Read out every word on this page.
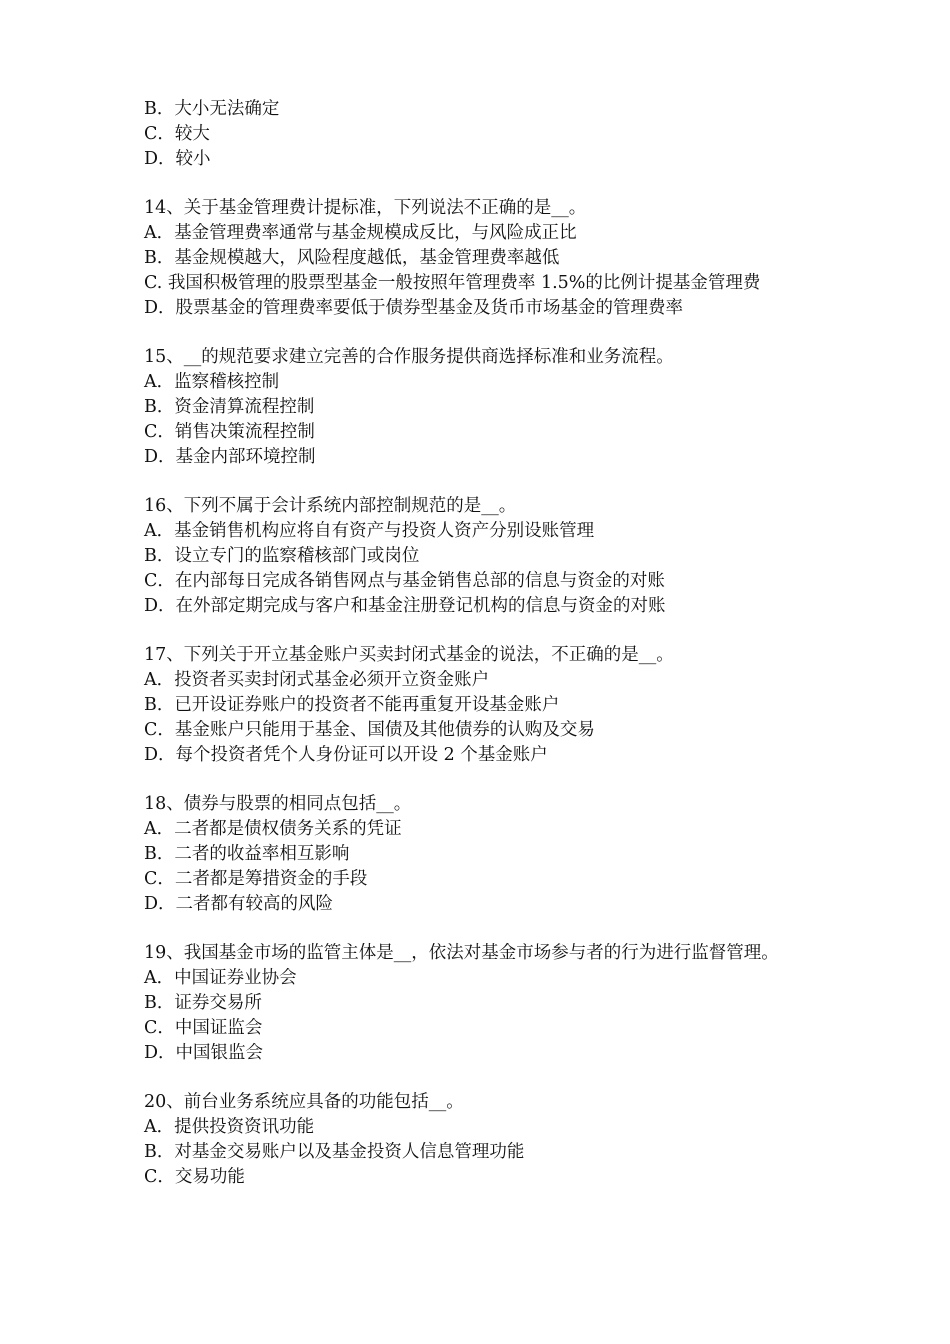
B．大小无法确定
C．较大
D．较小
14、关于基金管理费计提标准，下列说法不正确的是__。
A．基金管理费率通常与基金规模成反比，与风险成正比
B．基金规模越大，风险程度越低，基金管理费率越低
C. 我国积极管理的股票型基金一般按照年管理费率 1.5%的比例计提基金管理费
D．股票基金的管理费率要低于债券型基金及货币市场基金的管理费率
15、__的规范要求建立完善的合作服务提供商选择标准和业务流程。
A．监察稽核控制
B．资金清算流程控制
C．销售决策流程控制
D．基金内部环境控制
16、下列不属于会计系统内部控制规范的是__。
A．基金销售机构应将自有资产与投资人资产分别设账管理
B．设立专门的监察稽核部门或岗位
C．在内部每日完成各销售网点与基金销售总部的信息与资金的对账
D．在外部定期完成与客户和基金注册登记机构的信息与资金的对账
17、下列关于开立基金账户买卖封闭式基金的说法，不正确的是__。
A．投资者买卖封闭式基金必须开立资金账户
B．已开设证券账户的投资者不能再重复开设基金账户
C．基金账户只能用于基金、国债及其他债券的认购及交易
D．每个投资者凭个人身份证可以开设 2 个基金账户
18、债券与股票的相同点包括__。
A．二者都是债权债务关系的凭证
B．二者的收益率相互影响
C．二者都是筹措资金的手段
D．二者都有较高的风险
19、我国基金市场的监管主体是__，依法对基金市场参与者的行为进行监督管理。
A．中国证券业协会
B．证券交易所
C．中国证监会
D．中国银监会
20、前台业务系统应具备的功能包括__。
A．提供投资资讯功能
B．对基金交易账户以及基金投资人信息管理功能
C．交易功能
